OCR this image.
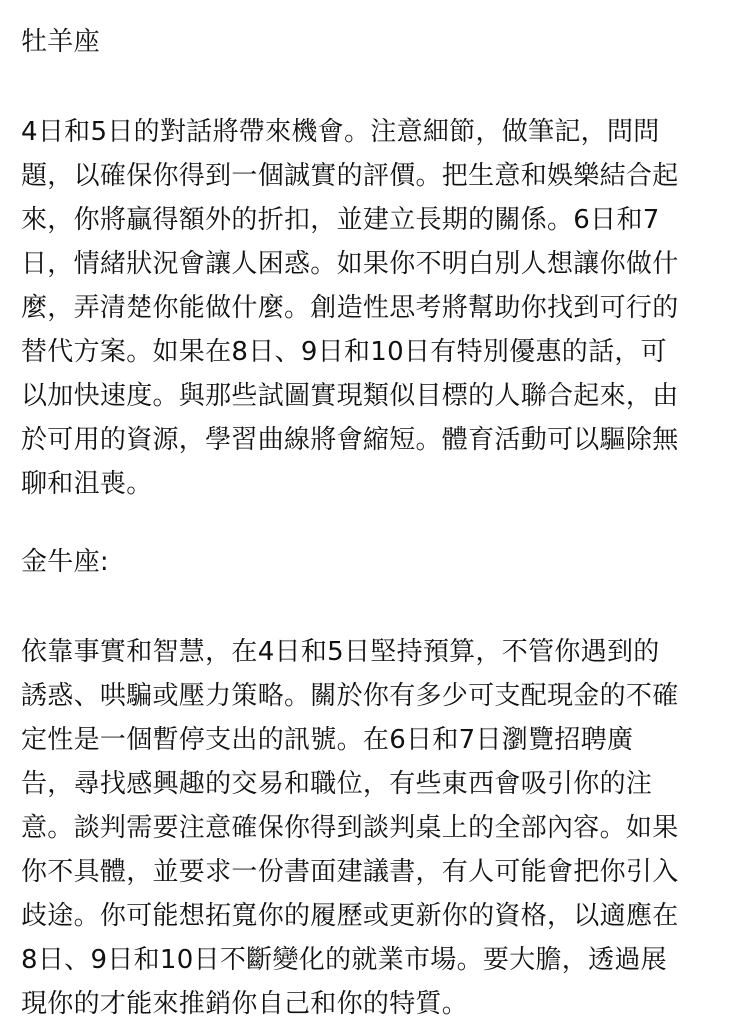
牡羊座
4日和5日的對話將帶來機會。注意細節，做筆記，問問
題，以確保你得到一個誠實的評價。把生意和娛樂結合起
來，你將贏得額外的折扣，並建立長期的關係。6日和7
日，情緒狀況會讓人困惑。如果你不明白別人想讓你做什
麼，弄清楚你能做什麼。創造性思考將幫助你找到可行的
替代方案。如果在8日、9日和10日有特別優惠的話，可
以加快速度。與那些試圖實現類似目標的人聯合起來，由
於可用的資源，學習曲線將會縮短。體育活動可以驅除無
聊和沮喪。
金牛座:
依靠事實和智慧，在4日和5日堅持預算，不管你遇到的
誘惑、哄騙或壓力策略。關於你有多少可支配現金的不確
定性是一個暫停支出的訊號。在6日和7日瀏覽招聘廣
告，尋找感興趣的交易和職位，有些東西會吸引你的注
意。談判需要注意確保你得到談判桌上的全部內容。如果
你不具體，並要求一份書面建議書，有人可能會把你引入
歧途。你可能想拓寬你的履歷或更新你的資格，以適應在
8日、9日和10日不斷變化的就業市場。要大膽，透過展
現你的才能來推銷你自己和你的特質。
